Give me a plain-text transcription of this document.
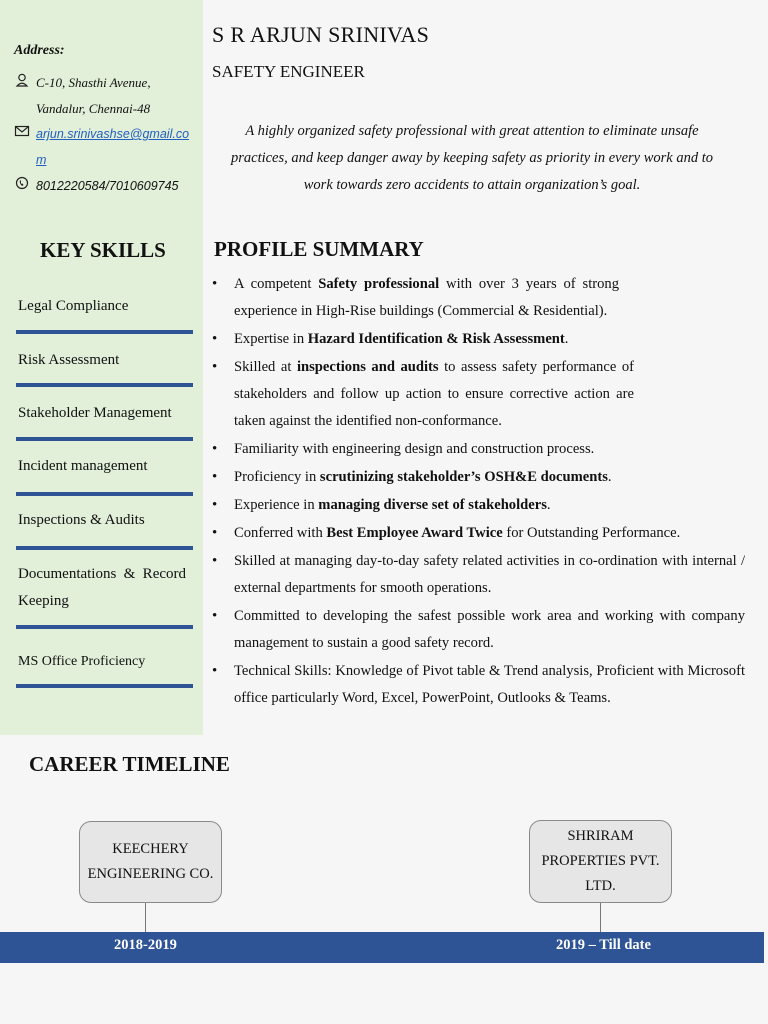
Address:
C-10, Shasthi Avenue,
Vandalur, Chennai-48
arjun.srinivashse@gmail.co
m
8012220584/7010609745
KEY SKILLS
Legal Compliance
Risk Assessment
Stakeholder Management
Incident management
Inspections & Audits
Documentations & Record Keeping
MS Office Proficiency
S R ARJUN SRINIVAS
SAFETY ENGINEER
A highly organized safety professional with great attention to eliminate unsafe practices, and keep danger away by keeping safety as priority in every work and to work towards zero accidents to attain organization’s goal.
PROFILE SUMMARY
• A competent Safety professional with over 3 years of strong experience in High-Rise buildings (Commercial & Residential).
• Expertise in Hazard Identification & Risk Assessment.
• Skilled at inspections and audits to assess safety performance of stakeholders and follow up action to ensure corrective action are taken against the identified non-conformance.
• Familiarity with engineering design and construction process.
• Proficiency in scrutinizing stakeholder’s OSH&E documents.
• Experience in managing diverse set of stakeholders.
• Conferred with Best Employee Award Twice for Outstanding Performance.
• Skilled at managing day-to-day safety related activities in co-ordination with internal / external departments for smooth operations.
• Committed to developing the safest possible work area and working with company management to sustain a good safety record.
• Technical Skills: Knowledge of Pivot table & Trend analysis, Proficient with Microsoft office particularly Word, Excel, PowerPoint, Outlooks & Teams.
CAREER TIMELINE
KEECHERY ENGINEERING CO.
SHRIRAM PROPERTIES PVT. LTD.
2018-2019	2019 – Till date
